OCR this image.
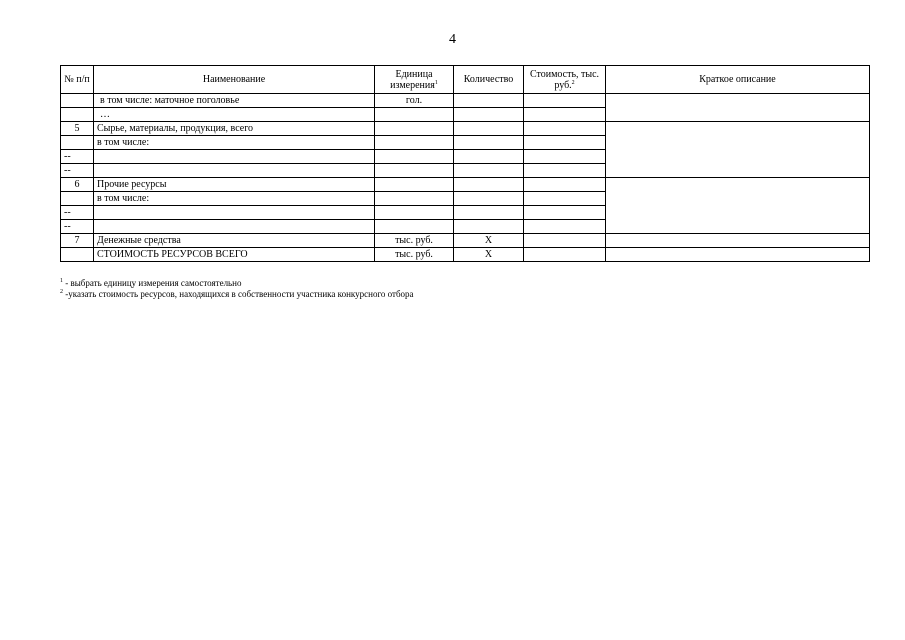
4
№ п/п	Наименование	Единица измерения$^1$	Количество	Стоимость, тыс. руб.$^2$	Краткое описание
	в том числе: маточное поголовье	гол.			
	…				
5	Сырье, материалы, продукция, всего				
	в том числе:				
--					
--					
6	Прочие ресурсы				
	в том числе:				
--					
--					
7	Денежные средства	тыс. руб.	Х		
	СТОИМОСТЬ РЕСУРСОВ ВСЕГО	тыс. руб.	Х		
$^1$ - выбрать единицу измерения самостоятельно
$^2$ -указать стоимость ресурсов, находящихся в собственности участника конкурсного отбора
